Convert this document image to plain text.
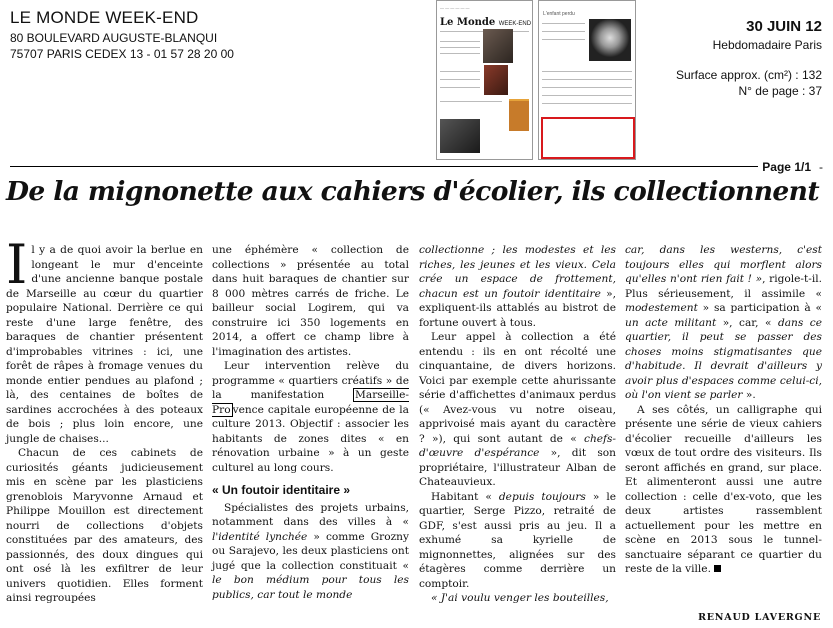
LE MONDE WEEK-END
80 BOULEVARD AUGUSTE-BLANQUI
75707 PARIS CEDEX 13 - 01 57 28 20 00
— — — — — —
Le Monde WEEK-END
L'enfant perdu
30 JUIN 12
Hebdomadaire Paris
Surface approx. (cm²) : 132
N° de page : 37
Page 1/1 -
De la mignonette aux cahiers d'écolier, ils collectionnent

Il y a de quoi avoir la berlue en longeant le mur d'enceinte d'une ancienne banque postale de Marseille au cœur du quartier populaire National. Derrière ce qui reste d'une large fenêtre, des baraques de chantier présentent d'improbables vitrines : ici, une forêt de râpes à fromage venues du monde entier pendues au plafond ; là, des centaines de boîtes de sardines accrochées à des poteaux de bois ; plus loin encore, une jungle de chaises...

Chacun de ces cabinets de curiosités géants judicieusement mis en scène par les plasticiens grenoblois Maryvonne Arnaud et Philippe Mouillon est directement nourri de collections d'objets constituées par des amateurs, des passionnés, des doux dingues qui ont osé là les exfiltrer de leur univers quotidien. Elles forment ainsi regroupées

une éphémère « collection de collections » présentée au total dans huit baraques de chantier sur 8 000 mètres carrés de friche. Le bailleur social Logirem, qui va construire ici 350 logements en 2014, a offert ce champ libre à l'imagination des artistes.

Leur intervention relève du programme « quartiers créatifs » de la manifestation Marseille-Pro vence capitale européenne de la culture 2013. Objectif : associer les habitants de zones dites « en rénovation urbaine » à un geste culturel au long cours.

« Un foutoir identitaire »

Spécialistes des projets urbains, notamment dans des villes à « l'identité lynchée » comme Grozny ou Sarajevo, les deux plasticiens ont jugé que la collection constituait « le bon médium pour tous les publics, car tout le monde

collectionne ; les modestes et les riches, les jeunes et les vieux. Cela crée un espace de frottement, chacun est un foutoir identitaire », expliquent-ils attablés au bistrot de fortune ouvert à tous.

Leur appel à collection a été entendu : ils en ont récolté une cinquantaine, de divers horizons. Voici par exemple cette ahurissante série d'affichettes d'animaux perdus (« Avez-vous vu notre oiseau, apprivoisé mais ayant du caractère ? »), qui sont autant de « chefs-d'œuvre d'espérance », dit son propriétaire, l'illustrateur Alban de Chateauvieux.

Habitant « depuis toujours » le quartier, Serge Pizzo, retraité de GDF, s'est aussi pris au jeu. Il a exhumé sa kyrielle de mignonnettes, alignées sur des étagères comme derrière un comptoir.

« J'ai voulu venger les bouteilles,

car, dans les westerns, c'est toujours elles qui morflent alors qu'elles n'ont rien fait ! », rigole-t-il. Plus sérieusement, il assimile « modestement » sa participation à « un acte militant », car, « dans ce quartier, il peut se passer des choses moins stigmatisantes que d'habitude. Il devrait d'ailleurs y avoir plus d'espaces comme celui-ci, où l'on vient se parler ».

A ses côtés, un calligraphe qui présente une série de vieux cahiers d'écolier recueille d'ailleurs les vœux de tout ordre des visiteurs. Ils seront affichés en grand, sur place. Et alimenteront aussi une autre collection : celle d'ex-voto, que les deux artistes rassemblent actuellement pour les mettre en scène en 2013 sous le tunnel-sanctuaire séparant ce quartier du reste de la ville.

RENAUD LAVERGNE
